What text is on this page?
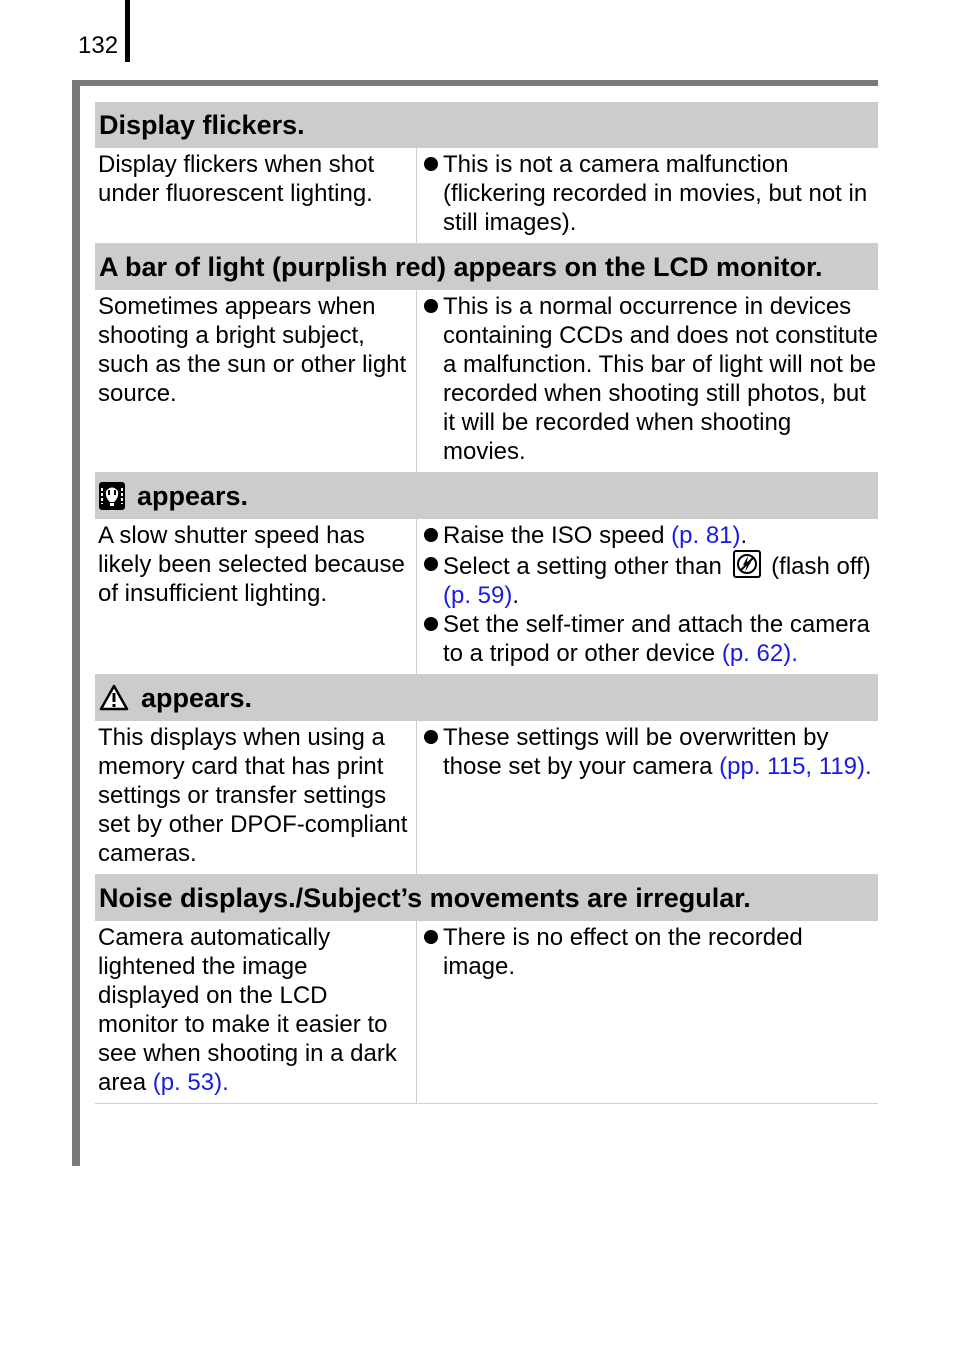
132
Display flickers.
Display flickers when shot under fluorescent lighting.
This is not a camera malfunction (flickering recorded in movies, but not in still images).
A bar of light (purplish red) appears on the LCD monitor.
Sometimes appears when shooting a bright subject, such as the sun or other light source.
This is a normal occurrence in devices containing CCDs and does not constitute a malfunction. This bar of light will not be recorded when shooting still photos, but it will be recorded when shooting movies.
appears.
A slow shutter speed has likely been selected because of insufficient lighting.
Raise the ISO speed (p. 81).
Select a setting other than  (flash off) (p. 59).
Set the self-timer and attach the camera to a tripod or other device (p. 62).
appears.
This displays when using a memory card that has print settings or transfer settings set by other DPOF-compliant cameras.
These settings will be overwritten by those set by your camera (pp. 115, 119).
Noise displays./Subject’s movements are irregular.
Camera automatically lightened the image displayed on the LCD monitor to make it easier to see when shooting in a dark area (p. 53).
There is no effect on the recorded image.
